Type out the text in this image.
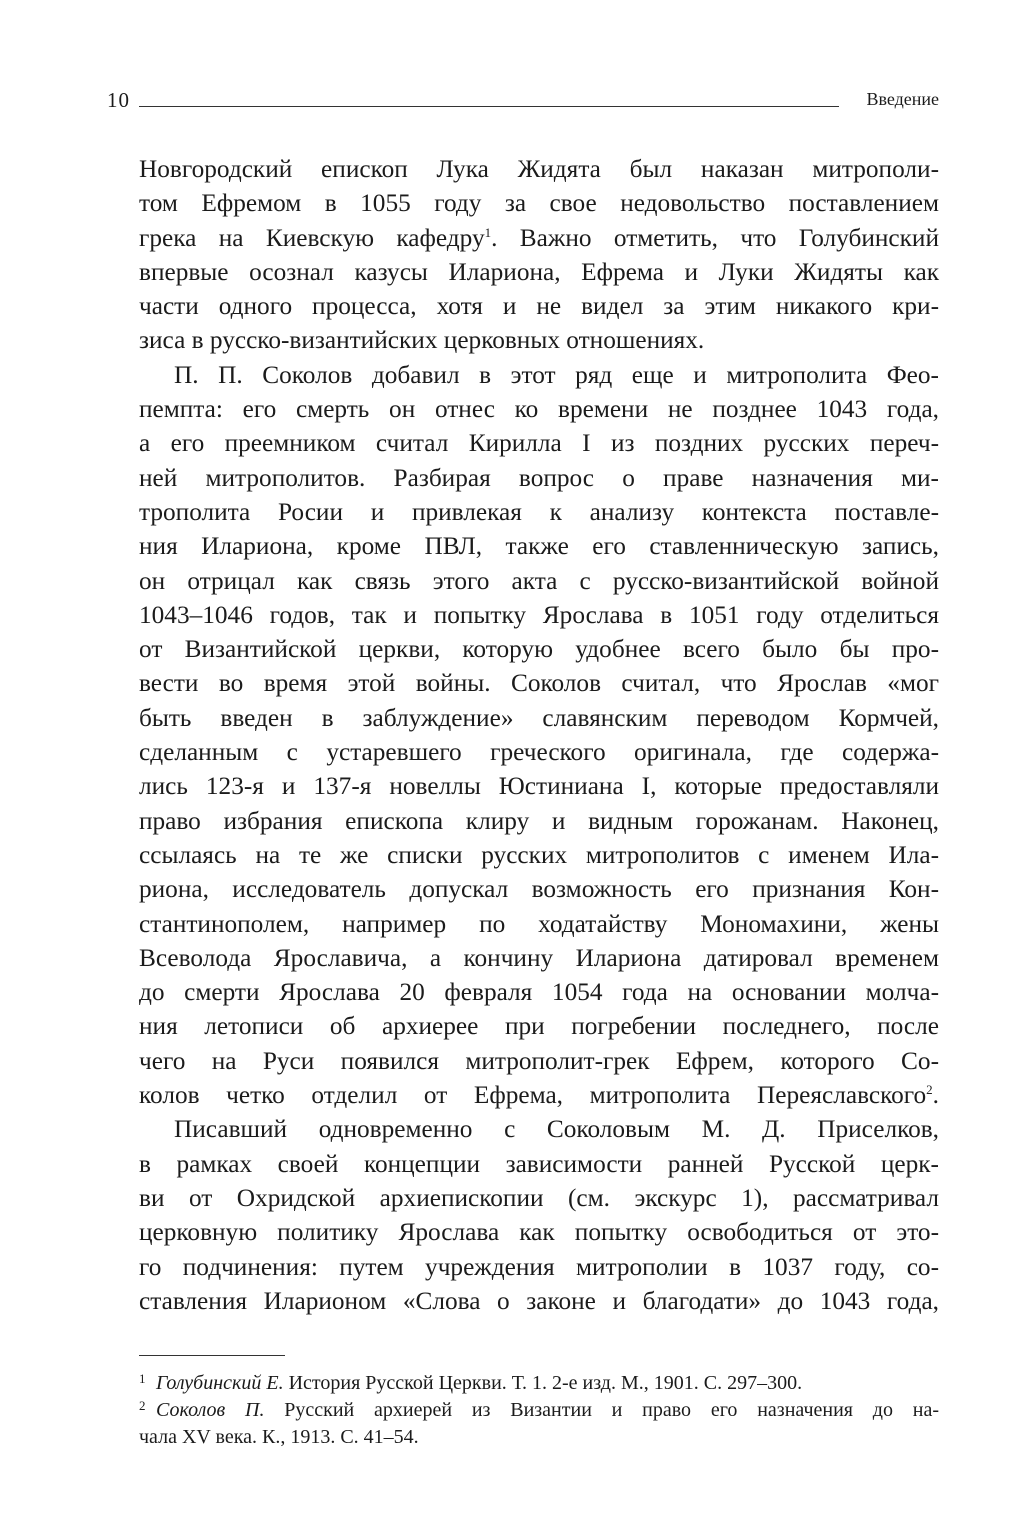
10	Введение
Новгородский епископ Лука Жидята был наказан митрополи-
том Ефремом в 1055 году за свое недовольство поставлением
грека на Киевскую кафедру$^1$. Важно отметить, что Голубинский
впервые осознал казусы Илариона, Ефрема и Луки Жидяты как
части одного процесса, хотя и не видел за этим никакого кри-
зиса в русско-византийских церковных отношениях.
П. П. Соколов добавил в этот ряд еще и митрополита Фео-
пемпта: его смерть он отнес ко времени не позднее 1043 года,
а его преемником считал Кирилла I из поздних русских переч-
ней митрополитов. Разбирая вопрос о праве назначения ми-
трополита Росии и привлекая к анализу контекста поставле-
ния Илариона, кроме ПВЛ, также его ставленническую запись,
он отрицал как связь этого акта с русско-византийской войной
1043–1046 годов, так и попытку Ярослава в 1051 году отделиться
от Византийской церкви, которую удобнее всего было бы про-
вести во время этой войны. Соколов считал, что Ярослав «мог
быть введен в заблуждение» славянским переводом Кормчей,
сделанным с устаревшего греческого оригинала, где содержа-
лись 123-я и 137-я новеллы Юстиниана I, которые предоставляли
право избрания епископа клиру и видным горожанам. Наконец,
ссылаясь на те же списки русских митрополитов с именем Ила-
риона, исследователь допускал возможность его признания Кон-
стантинополем, например по ходатайству Мономахини, жены
Всеволода Ярославича, а кончину Илариона датировал временем
до смерти Ярослава 20 февраля 1054 года на основании молча-
ния летописи об архиерее при погребении последнего, после
чего на Руси появился митрополит-грек Ефрем, которого Со-
колов четко отделил от Ефрема, митрополита Переяславского$^2$.
Писавший одновременно с Соколовым М. Д. Приселков,
в рамках своей концепции зависимости ранней Русской церк-
ви от Охридской архиепископии (см. экскурс 1), рассматривал
церковную политику Ярослава как попытку освободиться от это-
го подчинения: путем учреждения митрополии в 1037 году, со-
ставления Иларионом «Слова о законе и благодати» до 1043 года,
1 Голубинский Е. История Русской Церкви. Т. 1. 2-е изд. М., 1901. С. 297–300.
2 Соколов П. Русский архиерей из Византии и право его назначения до на-
чала XV века. К., 1913. С. 41–54.
